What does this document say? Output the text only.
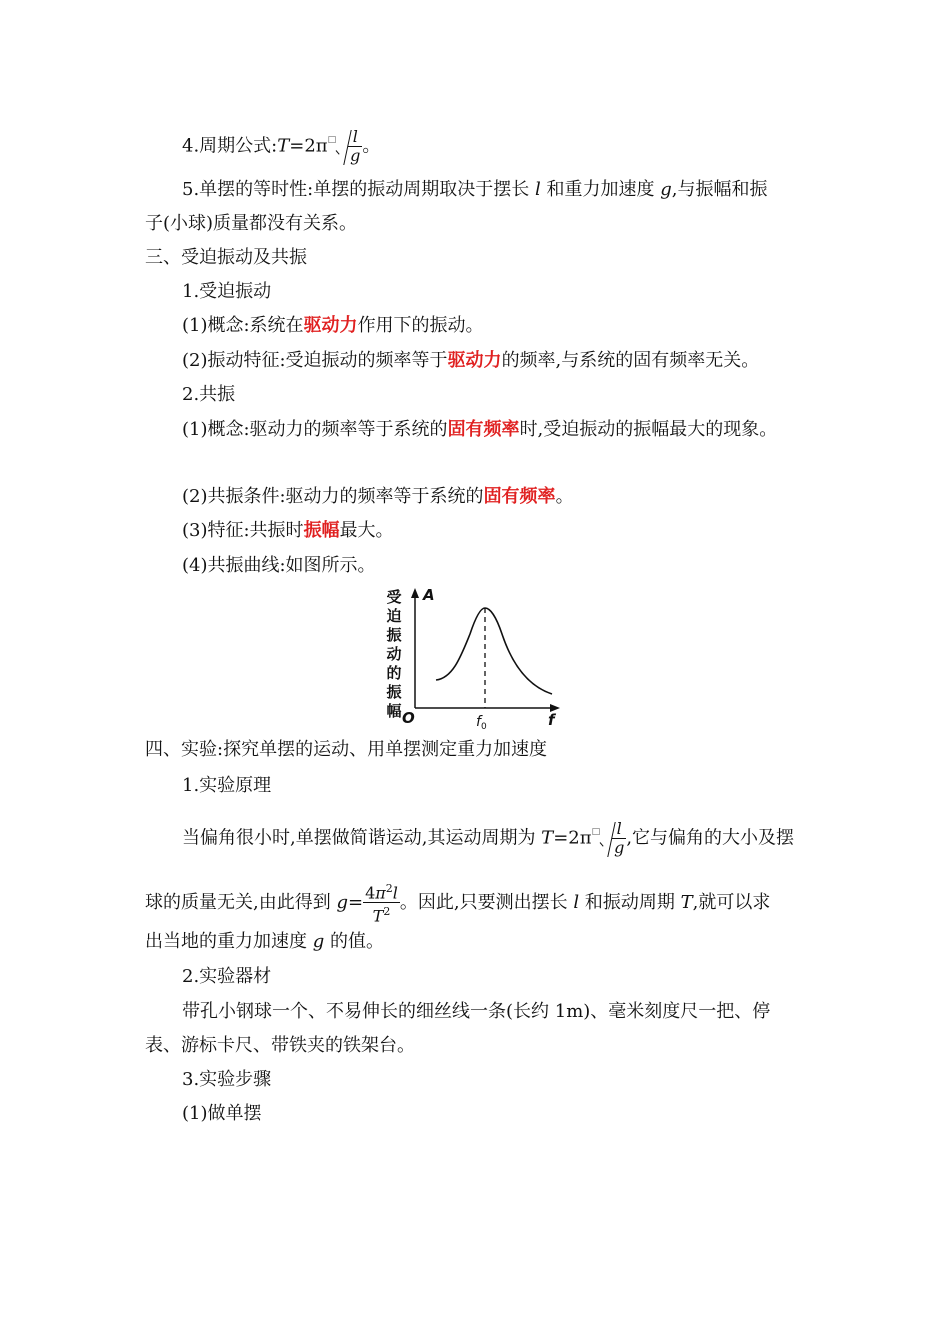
4.周期公式:T=2π□ $\frac{l}{g}$ 。
5.单摆的等时性:单摆的振动周期取决于摆长 l 和重力加速度 g,与振幅和振
子(小球)质量都没有关系。
三、受迫振动及共振
1.受迫振动
(1)概念:系统在驱动力作用下的振动。
(2)振动特征:受迫振动的频率等于驱动力的频率,与系统的固有频率无关。
2.共振
(1)概念:驱动力的频率等于系统的固有频率时,受迫振动的振幅最大的现象。
(2)共振条件:驱动力的频率等于系统的固有频率。
(3)特征:共振时振幅最大。
(4)共振曲线:如图所示。
受迫振动的振幅
A
O	f
$f_0$
四、实验:探究单摆的运动、用单摆测定重力加速度
1.实验原理
当偏角很小时,单摆做简谐运动,其运动周期为 $T=2\pi^□ \frac{l}{g}$ ,它与偏角的大小及摆
球的质量无关,由此得到 $g= \frac{4\pi^2l}{T^2}$ 。因此,只要测出摆长 l 和振动周期 T,就可以求
出当地的重力加速度 g 的值。
2.实验器材
带孔小钢球一个、不易伸长的细丝线一条(长约 1m)、毫米刻度尺一把、停
表、游标卡尺、带铁夹的铁架台。
3.实验步骤
(1)做单摆
